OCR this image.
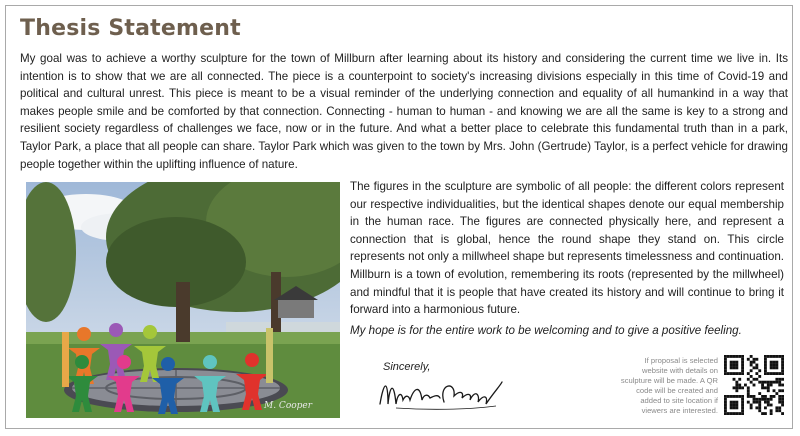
Thesis Statement

My goal was to achieve a worthy sculpture for the town of Millburn after learning about its history and considering the current time we live in. Its intention is to show that we are all connected. The piece is a counterpoint to society's increasing divisions especially in this time of Covid-19 and political and cultural unrest. This piece is meant to be a visual reminder of the underlying connection and equality of all humankind in a way that makes people smile and be comforted by that connection. Connecting - human to human - and knowing we are all the same is key to a strong and resilient society regardless of challenges we face, now or in the future. And what a better place to celebrate this fundamental truth than in a park, Taylor Park, a place that all people can share. Taylor Park which was given to the town by Mrs. John (Gertrude) Taylor, is a perfect vehicle for drawing people together within the uplifting influence of nature.

M. Cooper

The figures in the sculpture are symbolic of all people: the different colors represent our respective individualities, but the identical shapes denote our equal membership in the human race. The figures are connected physically here, and represent a connection that is global, hence the round shape they stand on. This circle represents not only a millwheel shape but represents timelessness and continuation. Millburn is a town of evolution, remembering its roots (represented by the millwheel) and mindful that it is people that have created its history and will continue to bring it forward into a harmonious future.

My hope is for the entire work to be welcoming and to give a positive feeling.

Sincerely,

If proposal is selected website with details on sculpture will be made. A QR code will be created and added to site location if viewers are interested.
